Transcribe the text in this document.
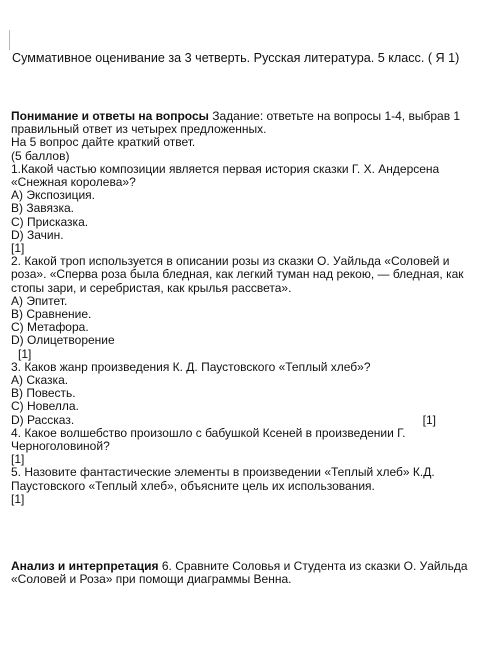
Суммативное оценивание за 3 четверть. Русская литература. 5 класс. ( Я 1)
Понимание и ответы на вопросы Задание: ответьте на вопросы 1-4, выбрав 1
правильный ответ из четырех предложенных.
На 5 вопрос дайте краткий ответ.
(5 баллов)
1.Какой частью композиции является первая история сказки Г. Х. Андерсена
«Снежная королева»?
А) Экспозиция.
В) Завязка.
С) Присказка.
D) Зачин.
[1]
2. Какой троп используется в описании розы из сказки О. Уайльда «Соловей и
роза». «Сперва роза была бледная, как легкий туман над рекою, — бледная, как
стопы зари, и серебристая, как крылья рассвета».
А) Эпитет.
В) Сравнение.
С) Метафора.
D) Олицетворение
[1]
3. Каков жанр произведения К. Д. Паустовского «Теплый хлеб»?
А) Сказка.
В) Повесть.
С) Новелла.
D) Рассказ.	[1]
4. Какое волшебство произошло с бабушкой Ксеней в произведении Г.
Черноголовиной?
[1]
5. Назовите фантастические элементы в произведении «Теплый хлеб» К.Д.
Паустовского «Теплый хлеб», объясните цель их использования.
[1]
Анализ и интерпретация 6. Сравните Соловья и Студента из сказки О. Уайльда
«Соловей и Роза» при помощи диаграммы Венна.
